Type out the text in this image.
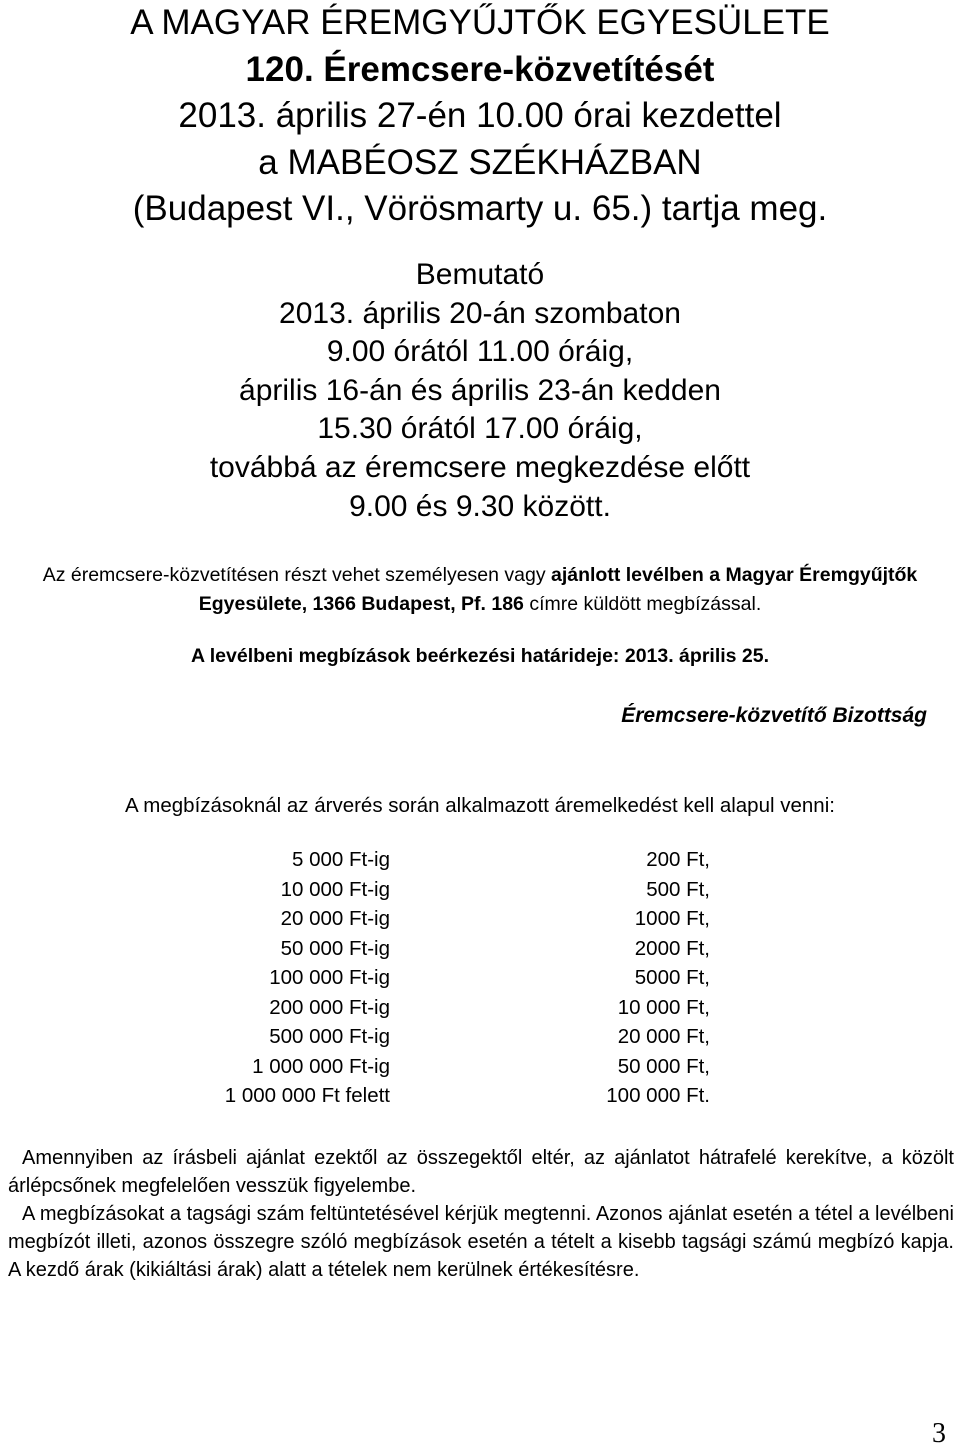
A MAGYAR ÉREMGYŰJTŐK EGYESÜLETE

120. Éremcsere-közvetítését

2013. április 27-én 10.00 órai kezdettel

a MABÉOSZ SZÉKHÁZBAN

(Budapest VI., Vörösmarty u. 65.) tartja meg.

Bemutató

2013. április 20-án szombaton

9.00 órától 11.00 óráig,

április 16-án és április 23-án kedden

15.30 órától 17.00 óráig,

továbbá az éremcsere megkezdése előtt

9.00 és 9.30 között.

Az éremcsere-közvetítésen részt vehet személyesen vagy ajánlott levélben a Magyar Éremgyűjtők Egyesülete, 1366 Budapest, Pf. 186 címre küldött megbízással.
A levélbeni megbízások beérkezési határideje: 2013. április 25.
Éremcsere-közvetítő Bizottság
A megbízásoknál az árverés során alkalmazott áremelkedést kell alapul venni:
5 000 Ft-ig	200 Ft,
10 000 Ft-ig	500 Ft,
20 000 Ft-ig	1000 Ft,
50 000 Ft-ig	2000 Ft,
100 000 Ft-ig	5000 Ft,
200 000 Ft-ig	10 000 Ft,
500 000 Ft-ig	20 000 Ft,
1 000 000 Ft-ig	50 000 Ft,
1 000 000 Ft felett	100 000 Ft.

Amennyiben az írásbeli ajánlat ezektől az összegektől eltér, az ajánlatot hátrafelé kerekítve, a közölt árlépcsőnek megfelelően vesszük figyelembe.

A megbízásokat a tagsági szám feltüntetésével kérjük megtenni. Azonos ajánlat esetén a tétel a levélbeni megbízót illeti, azonos összegre szóló megbízások esetén a tételt a kisebb tagsági számú megbízó kapja. A kezdő árak (kikiáltási árak) alatt a tételek nem kerülnek értékesítésre.

3
